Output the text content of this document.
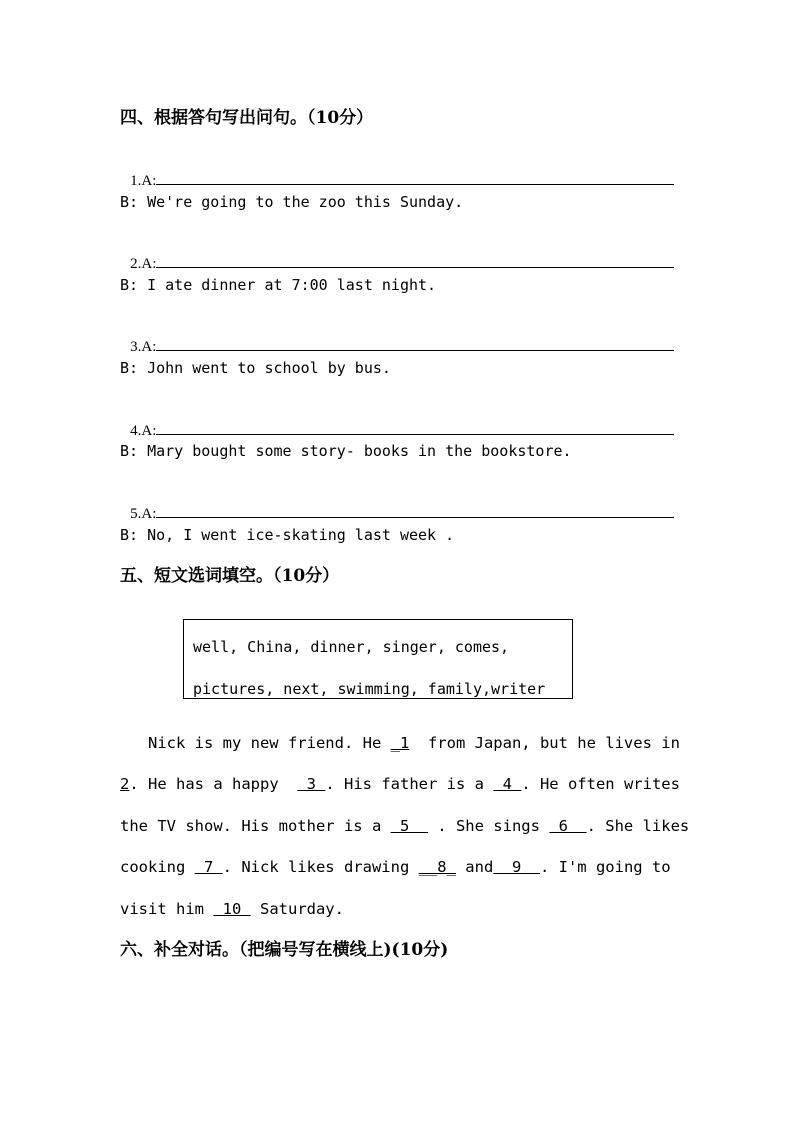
四、根据答句写出问句。（10分）

1.A:

B: We're going to the zoo this Sunday.

2.A:

B: I ate dinner at 7:00 last night.

3.A:

B: John went to school by bus.

4.A:

B: Mary bought some story- books in the bookstore.

5.A:

B: No, I went ice-skating last week .
五、短文选词填空。（10分）
well, China, dinner, singer, comes,
pictures, next, swimming, family,writer
Nick is my new friend. He _1  from Japan, but he lives in
2. He has a happy   3 . His father is a  4 . He often writes
the TV show. His mother is a  5   . She sings  6  . She likes
cooking  7 . Nick likes drawing __8_ and  9  . I'm going to
visit him  10  Saturday.
六、补全对话。（把编号写在横线上)(10分)
